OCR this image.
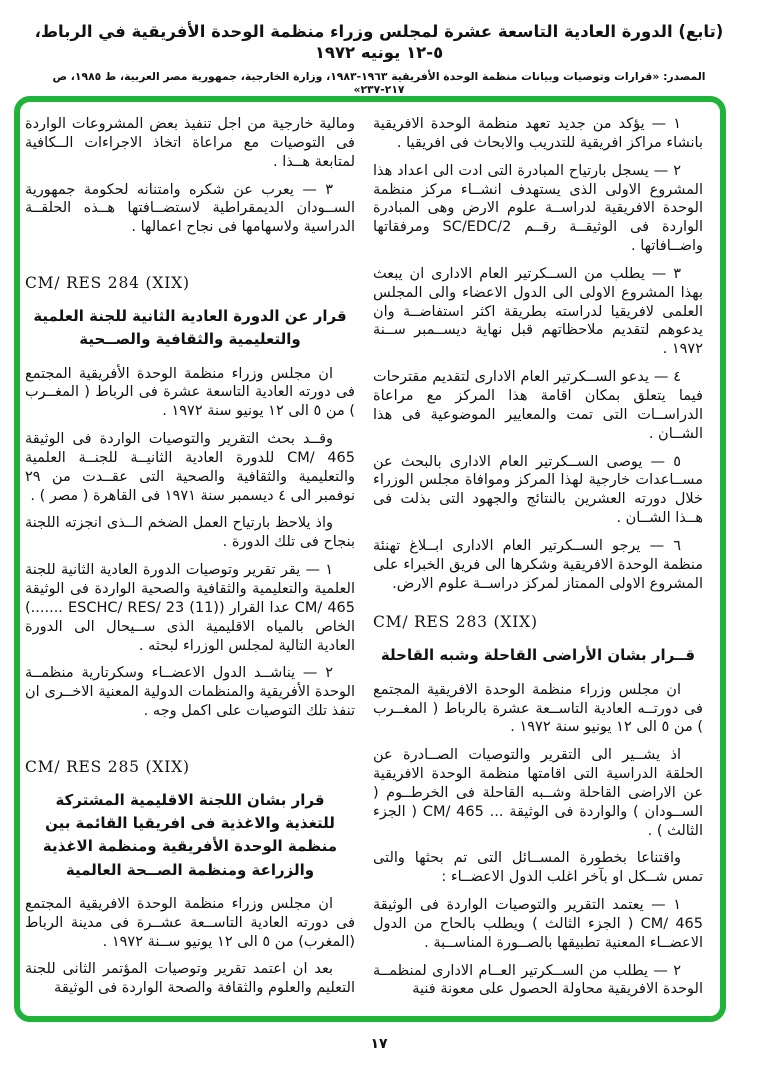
(تابع) الدورة العادية التاسعة عشرة لمجلس وزراء منظمة الوحدة الأفريقية في الرباط، ٥-١٢ يونيه ١٩٧٢
المصدر: «قرارات وتوصيات وبيانات منظمة الوحدة الأفريقية ١٩٦٣-١٩٨٣، وزارة الخارجية، جمهورية مصر العربية، ط ١٩٨٥، ص ٢١٧-٢٣٧»

١ — يؤكد من جديد تعهد منظمة الوحدة الافريقية بانشاء مراكز افريقية للتدريب والابحاث فى افريقيا .

٢ — يسجل بارتياح المبادرة التى ادت الى اعداد هذا المشروع الاولى الذى يستهدف انشــاء مركز منظمة الوحدة الافريقية لدراســة علوم الارض وهى المبادرة الواردة فى الوثيقــة رقــم SC/EDC/2 ومرفقاتها واضــافاتها .

٣ — يطلب من الســكرتير العام الادارى ان يبعث بهذا المشروع الاولى الى الدول الاعضاء والى المجلس العلمى لافريقيا لدراسته بطريقة اكثر استفاضــة وان يدعوهم لتقديم ملاحظاتهم قبل نهاية ديســمبر ســنة ١٩٧٢ .

٤ — يدعو الســكرتير العام الادارى لتقديم مقترحات فيما يتعلق بمكان اقامة هذا المركز مع مراعاة الدراســات التى تمت والمعايير الموضوعية فى هذا الشــان .

٥ — يوصى الســكرتير العام الادارى بالبحث عن مســاعدات خارجية لهذا المركز وموافاة مجلس الوزراء خلال دورته العشرين بالنتائج والجهود التى بذلت فى هــذا الشــان .

٦ — يرجو الســكرتير العام الادارى ابــلاغ تهنئة منظمة الوحدة الافريقية وشكرها الى فريق الخبراء على المشروع الاولى الممتاز لمركز دراســة علوم الارض.

CM/ RES 283 (XIX)
قــرار بشان الأراضى القاحلة وشبه القاحلة

ان مجلس وزراء منظمة الوحدة الافريقية المجتمع فى دورتــه العادية التاســعة عشرة بالرباط ( المغــرب ) من ٥ الى ١٢ يونيو سنة ١٩٧٢ .

اذ يشــير الى التقرير والتوصيات الصــادرة عن الحلقة الدراسية التى اقامتها منظمة الوحدة الافريقية عن الاراضى القاحلة وشــبه القاحلة فى الخرطــوم ( الســودان ) والواردة فى الوثيقة ... CM/ 465 ( الجزء الثالث ) .

واقتناعا بخطورة المســائل التى تم بحثها والتى تمس شــكل او بآخر اغلب الدول الاعضــاء :

١ — يعتمد التقرير والتوصيات الواردة فى الوثيقة CM/ 465 ( الجزء الثالث ) ويطلب بالحاح من الدول الاعضــاء المعنية تطبيقها بالصــورة المناســبة .

٢ — يطلب من الســكرتير العــام الادارى لمنظمــة الوحدة الافريقية محاولة الحصول على معونة فنية

ومالية خارجية من اجل تنفيذ بعض المشروعات الواردة فى التوصيات مع مراعاة اتخاذ الاجراءات الــكافية لمتابعة هــذا .

٣ — يعرب عن شكره وامتنانه لحكومة جمهورية الســودان الديمقراطية لاستضــافتها هــذه الحلقــة الدراسية ولاسهامها فى نجاح اعمالها .

CM/ RES 284 (XIX)
قرار عن الدورة العادية الثانية للجنة العلمية والتعليمية والثقافية والصــحية

ان مجلس وزراء منظمة الوحدة الأفريقية المجتمع فى دورته العادية التاسعة عشرة فى الرباط ( المغــرب ) من ٥ الى ١٢ يونيو سنة ١٩٧٢ .

وقــد بحث التقرير والتوصيات الواردة فى الوثيقة CM/ 465 للدورة العادية الثانيــة للجنــة العلمية والتعليمية والثقافية والصحية التى عقــدت من ٢٩ نوفمبر الى ٤ ديسمبر سنة ١٩٧١ فى القاهرة ( مصر ) .

واذ يلاحظ بارتياح العمل الضخم الــذى انجزته اللجنة بنجاح فى تلك الدورة .

١ — يقر تقرير وتوصيات الدورة العادية الثانية للجنة العلمية والتعليمية والثقافية والصحية الواردة فى الوثيقة CM/ 465 عدا القرار (ESCHC/ RES/ 23 (11) .......) الخاص بالمياه الاقليمية الذى ســيحال الى الدورة العادية التالية لمجلس الوزراء لبحثه .

٢ — يناشــد الدول الاعضــاء وسكرتارية منظمــة الوحدة الأفريقية والمنظمات الدولية المعنية الاخــرى ان تنفذ تلك التوصيات على اكمل وجه .

CM/ RES 285 (XIX)
قرار بشان اللجنة الاقليمية المشتركة للتغذية والاغذية فى افريقيا القائمة بين منظمة الوحدة الأفريقية ومنظمة الاغذية والزراعة ومنظمة الصــحة العالمية

ان مجلس وزراء منظمة الوحدة الافريقية المجتمع فى دورته العادية التاســعة عشــرة فى مدينة الرباط (المغرب) من ٥ الى ١٢ يونيو ســنة ١٩٧٢ .

بعد ان اعتمد تقرير وتوصيات المؤتمر الثانى للجنة التعليم والعلوم والثقافة والصحة الواردة فى الوثيقة

١٧
